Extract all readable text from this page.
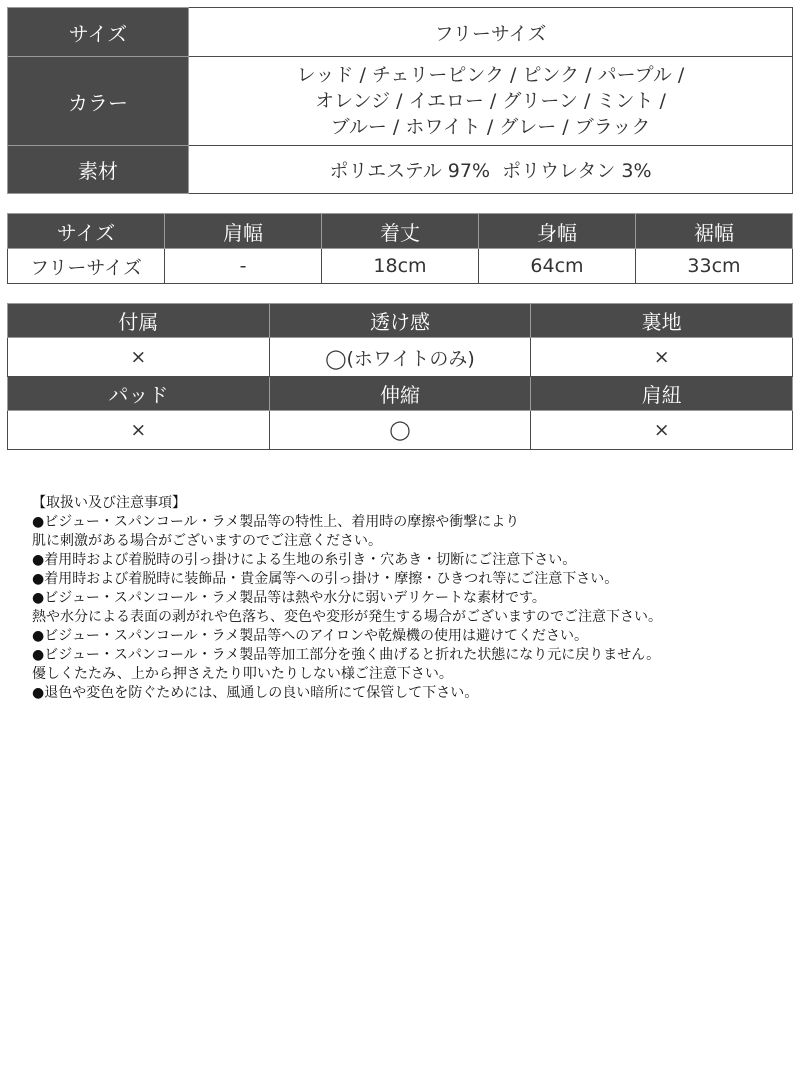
サイズ	フリーサイズ
カラー	レッド / チェリーピンク / ピンク / パープル /
オレンジ / イエロー / グリーン / ミント /
ブルー / ホワイト / グレー / ブラック

素材	ポリエステル 97%  ポリウレタン 3%
サイズ	肩幅	着丈	身幅	裾幅
フリーサイズ	-	18cm	64cm	33cm
付属	透け感	裏地
×	◯(ホワイトのみ)	×
パッド	伸縮	肩紐
×	◯	×
【取扱い及び注意事項】
●ビジュー・スパンコール・ラメ製品等の特性上、着用時の摩擦や衝撃により
肌に刺激がある場合がございますのでご注意ください。
●着用時および着脱時の引っ掛けによる生地の糸引き・穴あき・切断にご注意下さい。
●着用時および着脱時に装飾品・貴金属等への引っ掛け・摩擦・ひきつれ等にご注意下さい。
●ビジュー・スパンコール・ラメ製品等は熱や水分に弱いデリケートな素材です。
熱や水分による表面の剥がれや色落ち、変色や変形が発生する場合がございますのでご注意下さい。
●ビジュー・スパンコール・ラメ製品等へのアイロンや乾燥機の使用は避けてください。
●ビジュー・スパンコール・ラメ製品等加工部分を強く曲げると折れた状態になり元に戻りません。
優しくたたみ、上から押さえたり叩いたりしない様ご注意下さい。
●退色や変色を防ぐためには、風通しの良い暗所にて保管して下さい。
